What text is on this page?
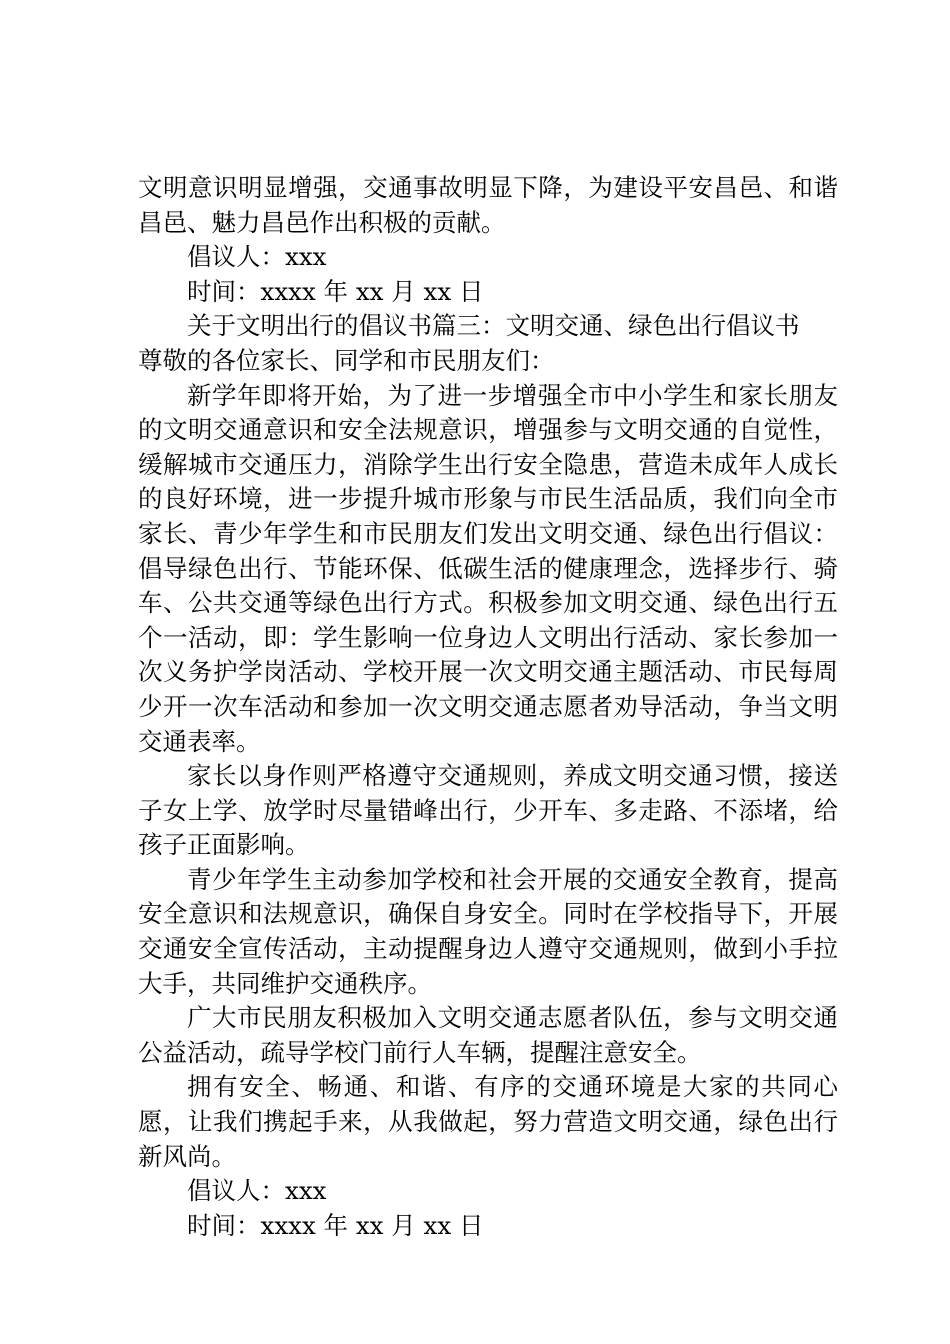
文明意识明显增强，交通事故明显下降，为建设平安昌邑、和谐昌邑、魅力昌邑作出积极的贡献。

倡议人：xxx

时间：xxxx 年 xx 月 xx 日

关于文明出行的倡议书篇三：文明交通、绿色出行倡议书

尊敬的各位家长、同学和市民朋友们：

新学年即将开始，为了进一步增强全市中小学生和家长朋友的文明交通意识和安全法规意识，增强参与文明交通的自觉性，缓解城市交通压力，消除学生出行安全隐患，营造未成年人成长的良好环境，进一步提升城市形象与市民生活品质，我们向全市家长、青少年学生和市民朋友们发出文明交通、绿色出行倡议：倡导绿色出行、节能环保、低碳生活的健康理念，选择步行、骑车、公共交通等绿色出行方式。积极参加文明交通、绿色出行五个一活动，即：学生影响一位身边人文明出行活动、家长参加一次义务护学岗活动、学校开展一次文明交通主题活动、市民每周少开一次车活动和参加一次文明交通志愿者劝导活动，争当文明交通表率。

家长以身作则严格遵守交通规则，养成文明交通习惯，接送子女上学、放学时尽量错峰出行，少开车、多走路、不添堵，给孩子正面影响。

青少年学生主动参加学校和社会开展的交通安全教育，提高安全意识和法规意识，确保自身安全。同时在学校指导下，开展交通安全宣传活动，主动提醒身边人遵守交通规则，做到小手拉大手，共同维护交通秩序。

广大市民朋友积极加入文明交通志愿者队伍，参与文明交通公益活动，疏导学校门前行人车辆，提醒注意安全。

拥有安全、畅通、和谐、有序的交通环境是大家的共同心愿，让我们携起手来，从我做起，努力营造文明交通，绿色出行新风尚。

倡议人：xxx

时间：xxxx 年 xx 月 xx 日
